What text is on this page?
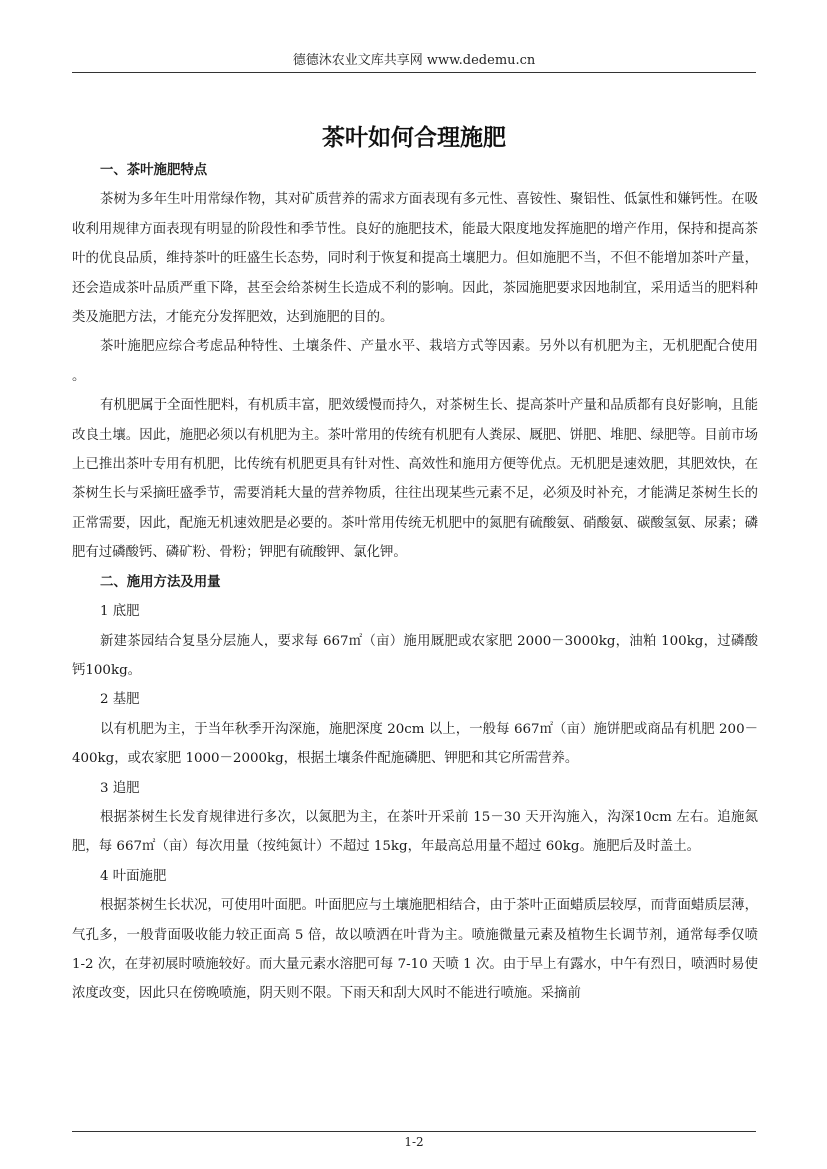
德德沐农业文库共享网 www.dedemu.cn
茶叶如何合理施肥
一、茶叶施肥特点

茶树为多年生叶用常绿作物，其对矿质营养的需求方面表现有多元性、喜铵性、聚铝性、低氯性和嫌钙性。在吸收利用规律方面表现有明显的阶段性和季节性。良好的施肥技术，能最大限度地发挥施肥的增产作用，保持和提高茶叶的优良品质，维持茶叶的旺盛生长态势，同时利于恢复和提高土壤肥力。但如施肥不当，不但不能增加茶叶产量，还会造成茶叶品质严重下降，甚至会给茶树生长造成不利的影响。因此，茶园施肥要求因地制宜，采用适当的肥料种类及施肥方法，才能充分发挥肥效，达到施肥的目的。

茶叶施肥应综合考虑品种特性、土壤条件、产量水平、栽培方式等因素。另外以有机肥为主，无机肥配合使用 。

有机肥属于全面性肥料，有机质丰富，肥效缓慢而持久，对茶树生长、提高茶叶产量和品质都有良好影响，且能改良土壤。因此，施肥必须以有机肥为主。茶叶常用的传统有机肥有人粪尿、厩肥、饼肥、堆肥、绿肥等。目前市场上已推出茶叶专用有机肥，比传统有机肥更具有针对性、高效性和施用方便等优点。无机肥是速效肥，其肥效快，在茶树生长与采摘旺盛季节，需要消耗大量的营养物质，往往出现某些元素不足，必须及时补充，才能满足茶树生长的正常需要，因此，配施无机速效肥是必要的。茶叶常用传统无机肥中的氮肥有硫酸氨、硝酸氨、碳酸氢氨、尿素；磷肥有过磷酸钙、磷矿粉、骨粉；钾肥有硫酸钾、氯化钾。

二、施用方法及用量
1 底肥

新建茶园结合复垦分层施人，要求每 667㎡（亩）施用厩肥或农家肥 2000－3000kg，油粕 100kg，过磷酸钙100kg。

2 基肥

以有机肥为主，于当年秋季开沟深施，施肥深度 20cm 以上，一般每 667㎡（亩）施饼肥或商品有机肥 200－400kg，或农家肥 1000－2000kg，根据土壤条件配施磷肥、钾肥和其它所需营养。

3 追肥

根据茶树生长发育规律进行多次，以氮肥为主，在茶叶开采前 15－30 天开沟施入，沟深10cm 左右。追施氮肥，每 667㎡（亩）每次用量（按纯氮计）不超过 15kg，年最高总用量不超过 60kg。施肥后及时盖土。

4 叶面施肥

根据茶树生长状况，可使用叶面肥。叶面肥应与土壤施肥相结合，由于茶叶正面蜡质层较厚，而背面蜡质层薄，气孔多，一般背面吸收能力较正面高 5 倍，故以喷洒在叶背为主。喷施微量元素及植物生长调节剂，通常每季仅喷 1-2 次，在芽初展时喷施较好。而大量元素水溶肥可每 7-10 天喷 1 次。由于早上有露水，中午有烈日，喷洒时易使浓度改变，因此只在傍晚喷施，阴天则不限。下雨天和刮大风时不能进行喷施。采摘前

1-2
